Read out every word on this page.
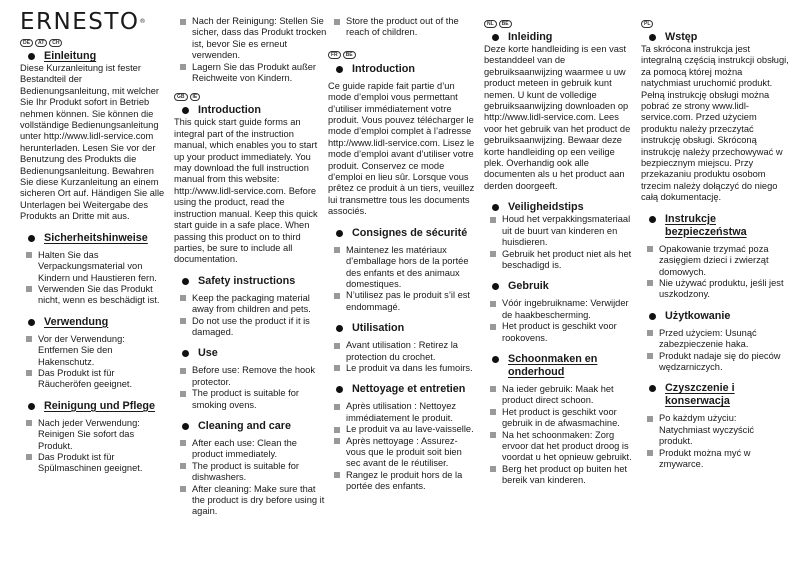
ERNESTO®
DE	AT	CH
Einleitung

Diese Kurzanleitung ist fester Bestandteil der Bedienungsanleitung, mit welcher Sie Ihr Produkt sofort in Betrieb nehmen können. Sie können die vollständige Bedienungsanleitung unter http://www.lidl-service.com herunterladen. Lesen Sie vor der Benutzung des Produkts die Bedienungsanleitung. Bewahren Sie diese Kurzanleitung an einem sicheren Ort auf. Händigen Sie alle Unterlagen bei Weitergabe des Produkts an Dritte mit aus.

Sicherheitshinweise

Halten Sie das Verpackungsmaterial von Kindern und Haustieren fern.

Verwenden Sie das Produkt nicht, wenn es beschädigt ist.

Verwendung

Vor der Verwendung: Entfernen Sie den Hakenschutz.

Das Produkt ist für Räucheröfen geeignet.

Reinigung und Pflege

Nach jeder Verwendung: Reinigen Sie sofort das Produkt.

Das Produkt ist für Spülmaschinen geeignet.

Nach der Reinigung: Stellen Sie sicher, dass das Produkt trocken ist, bevor Sie es erneut verwenden.

Lagern Sie das Produkt außer Reichweite von Kindern.

GB	IE
Introduction

This quick start guide forms an integral part of the instruction manual, which enables you to start up your product immediately. You may download the full instruction manual from this website: http://www.lidl-service.com. Before using the product, read the instruction manual. Keep this quick start guide in a safe place. When passing this product on to third parties, be sure to include all documentation.

Safety instructions

Keep the packaging material away from children and pets.

Do not use the product if it is damaged.

Use

Before use: Remove the hook protector.

The product is suitable for smoking ovens.

Cleaning and care

After each use: Clean the product immediately.

The product is suitable for dishwashers.

After cleaning: Make sure that the product is dry before using it again.

Store the product out of the reach of children.

FR	BE
Introduction

Ce guide rapide fait partie d’un mode d’emploi vous permettant d’utiliser immédiatement votre produit. Vous pouvez télécharger le mode d’emploi complet à l’adresse http://www.lidl-service.com. Lisez le mode d’emploi avant d’utiliser votre produit. Conservez ce mode d’emploi en lieu sûr. Lorsque vous prêtez ce produit à un tiers, veuillez lui transmettre tous les documents associés.

Consignes de sécurité

Maintenez les matériaux d’emballage hors de la portée des enfants et des animaux domestiques.

N’utilisez pas le produit s’il est endommagé.

Utilisation

Avant utilisation : Retirez la protection du crochet.

Le produit va dans les fumoirs.

Nettoyage et entretien

Après utilisation : Nettoyez immédiatement le produit.

Le produit va au lave-vaisselle.

Après nettoyage : Assurez-vous que le produit soit bien sec avant de le réutiliser.

Rangez le produit hors de la portée des enfants.

NL	BE
Inleiding

Deze korte handleiding is een vast bestanddeel van de gebruiksaanwijzing waarmee u uw product meteen in gebruik kunt nemen. U kunt de volledige gebruiksaanwijzing downloaden op http://www.lidl-service.com. Lees voor het gebruik van het product de gebruiksaanwijzing. Bewaar deze korte handleiding op een veilige plek. Overhandig ook alle documenten als u het product aan derden doorgeeft.

Veiligheidstips

Houd het verpakkingsmateriaal uit de buurt van kinderen en huisdieren.

Gebruik het product niet als het beschadigd is.

Gebruik

Vóór ingebruikname: Verwijder de haakbescherming.

Het product is geschikt voor rookovens.

Schoonmaken en onderhoud

Na ieder gebruik: Maak het product direct schoon.

Het product is geschikt voor gebruik in de afwasmachine.

Na het schoonmaken: Zorg ervoor dat het product droog is voordat u het opnieuw gebruikt.

Berg het product op buiten het bereik van kinderen.

PL
Wstęp

Ta skrócona instrukcja jest integralną częścią instrukcji obsługi, za pomocą której można natychmiast uruchomić produkt. Pełną instrukcję obsługi można pobrać ze strony www.lidl-service.com. Przed użyciem produktu należy przeczytać instrukcję obsługi. Skróconą instrukcję należy przechowywać w bezpiecznym miejscu. Przy przekazaniu produktu osobom trzecim należy dołączyć do niego całą dokumentację.

Instrukcje bezpieczeństwa

Opakowanie trzymać poza zasięgiem dzieci i zwierząt domowych.

Nie używać produktu, jeśli jest uszkodzony.

Użytkowanie

Przed użyciem: Usunąć zabezpieczenie haka.

Produkt nadaje się do pieców wędzarniczych.

Czyszczenie i konserwacja

Po każdym użyciu: Natychmiast wyczyścić produkt.

Produkt można myć w zmywarce.
